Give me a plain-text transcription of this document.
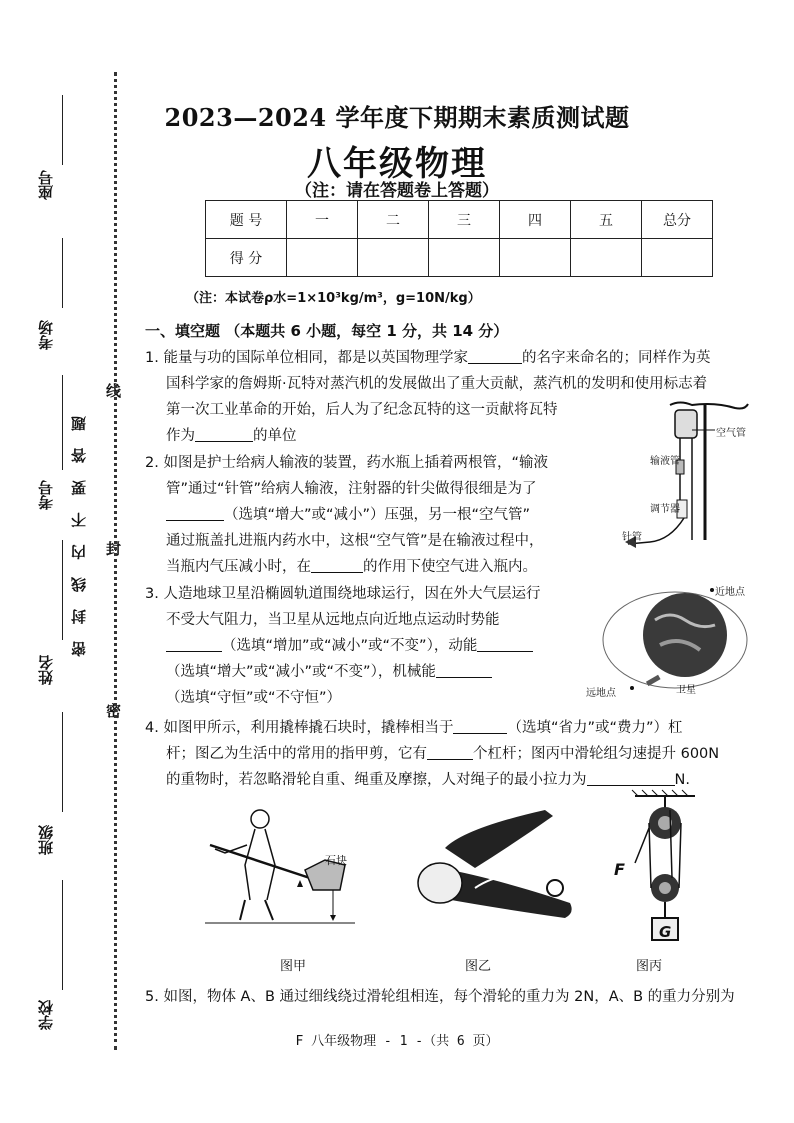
座号
考场
考号
姓名
班级
学校
密 封 线 内 不 要 答 题
线
封
密
2023—2024 学年度下期期末素质测试题
八年级物理
（注：请在答题卷上答题）
题 号	一	二	三	四	五	总分
得 分						
（注：本试卷ρ水=1×10³kg/m³，g=10N/kg）
一、填空题 （本题共 6 小题，每空 1 分，共 14 分）
1. 能量与功的国际单位相同，都是以英国物理学家	的名字来命名的；同样作为英
国科学家的詹姆斯·瓦特对蒸汽机的发展做出了重大贡献，蒸汽机的发明和使用标志着
第一次工业革命的开始，后人为了纪念瓦特的这一贡献将瓦特
作为	的单位
2. 如图是护士给病人输液的装置，药水瓶上插着两根管，“输液
管”通过“针管”给病人输液，注射器的针尖做得很细是为了
（选填“增大”或“减小”）压强，另一根“空气管”
通过瓶盖扎进瓶内药水中，这根“空气管”是在输液过程中，
当瓶内气压减小时，在	的作用下使空气进入瓶内。
空气管
输液管
调节器
针管
3. 人造地球卫星沿椭圆轨道围绕地球运行，因在外大气层运行
不受大气阻力，当卫星从远地点向近地点运动时势能
（选填“增加”或“减小”或“不变”），动能
（选填“增大”或“减小”或“不变”），机械能
（选填“守恒”或“不守恒”）
近地点
远地点	卫星
4. 如图甲所示，利用撬棒撬石块时，撬棒相当于	（选填“省力”或“费力”）杠
杆；图乙为生活中的常用的指甲剪，它有	个杠杆；图丙中滑轮组匀速提升 600N
的重物时，若忽略滑轮自重、绳重及摩擦，人对绳子的最小拉力为	N.
石块	F
G
图甲	图乙	图丙
5. 如图，物体 A、B 通过细线绕过滑轮组相连，每个滑轮的重力为 2N，A、B 的重力分别为
F 八年级物理 - 1 -（共 6 页）
